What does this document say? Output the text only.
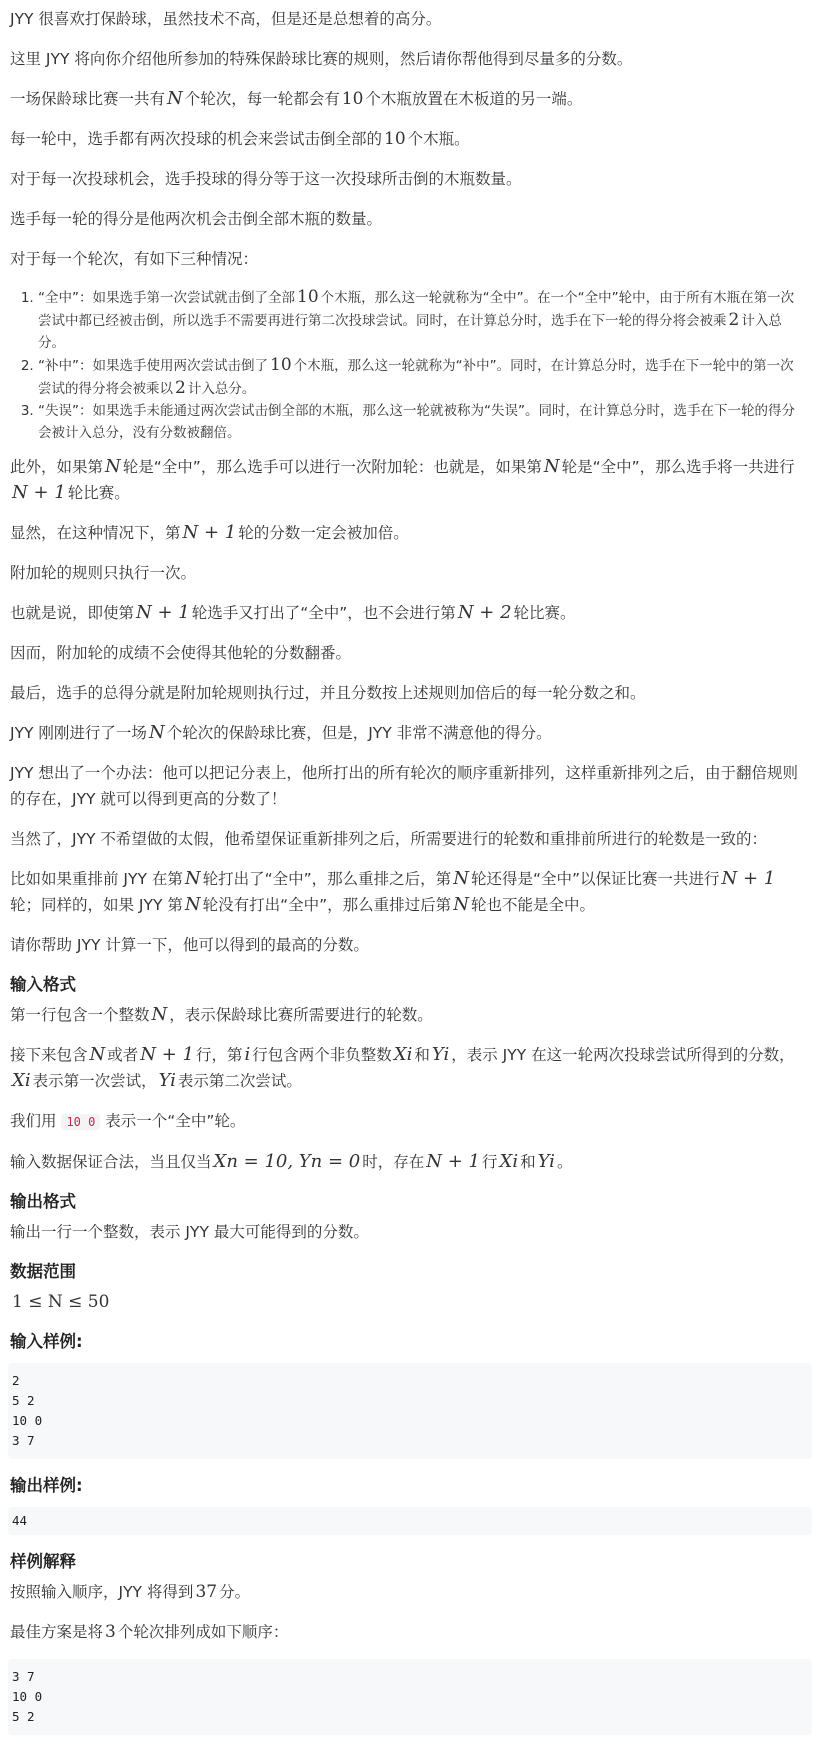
JYY 很喜欢打保龄球，虽然技术不高，但是还是总想着的高分。

这里 JYY 将向你介绍他所参加的特殊保龄球比赛的规则，然后请你帮他得到尽量多的分数。

一场保龄球比赛一共有 N 个轮次，每一轮都会有 10 个木瓶放置在木板道的另一端。

每一轮中，选手都有两次投球的机会来尝试击倒全部的 10 个木瓶。

对于每一次投球机会，选手投球的得分等于这一次投球所击倒的木瓶数量。

选手每一轮的得分是他两次机会击倒全部木瓶的数量。

对于每一个轮次，有如下三种情况：

1. “全中”：如果选手第一次尝试就击倒了全部 10 个木瓶，那么这一轮就称为“全中”。在一个“全中”轮中，由于所有木瓶在第一次尝试中都已经被击倒，所以选手不需要再进行第二次投球尝试。同时，在计算总分时，选手在下一轮的得分将会被乘 2 计入总分。
2. “补中”：如果选手使用两次尝试击倒了 10 个木瓶，那么这一轮就称为“补中”。同时，在计算总分时，选手在下一轮中的第一次尝试的得分将会被乘以 2 计入总分。
3. “失误”：如果选手未能通过两次尝试击倒全部的木瓶，那么这一轮就被称为“失误”。同时，在计算总分时，选手在下一轮的得分会被计入总分，没有分数被翻倍。

此外，如果第 N 轮是“全中”，那么选手可以进行一次附加轮：也就是，如果第 N 轮是“全中”，那么选手将一共进行N + 1 轮比赛。

显然，在这种情况下，第 N + 1 轮的分数一定会被加倍。

附加轮的规则只执行一次。

也就是说，即使第 N + 1 轮选手又打出了“全中”，也不会进行第 N + 2 轮比赛。

因而，附加轮的成绩不会使得其他轮的分数翻番。

最后，选手的总得分就是附加轮规则执行过，并且分数按上述规则加倍后的每一轮分数之和。

JYY 刚刚进行了一场 N 个轮次的保龄球比赛，但是，JYY 非常不满意他的得分。

JYY 想出了一个办法：他可以把记分表上，他所打出的所有轮次的顺序重新排列，这样重新排列之后，由于翻倍规则的存在，JYY 就可以得到更高的分数了！

当然了，JYY 不希望做的太假，他希望保证重新排列之后，所需要进行的轮数和重排前所进行的轮数是一致的：

比如如果重排前 JYY 在第 N 轮打出了“全中”，那么重排之后，第 N 轮还得是“全中”以保证比赛一共进行 N + 1轮；同样的，如果 JYY 第 N 轮没有打出“全中”，那么重排过后第 N 轮也不能是全中。

请你帮助 JYY 计算一下，他可以得到的最高的分数。

输入格式

第一行包含一个整数 N ，表示保龄球比赛所需要进行的轮数。

接下来包含 N 或者 N + 1 行，第 i 行包含两个非负整数 Xi 和 Yi ，表示 JYY 在这一轮两次投球尝试所得到的分数，Xi 表示第一次尝试， Yi 表示第二次尝试。

我们用 10 0 表示一个“全中”轮。

输入数据保证合法，当且仅当 Xn = 10, Yn = 0 时，存在 N + 1 行 Xi 和 Yi 。

输出格式

输出一行一个整数，表示 JYY 最大可能得到的分数。

数据范围

1 ≤ N ≤ 50

输入样例:
2
5 2
10 0
3 7
输出样例:
44
样例解释

按照输入顺序，JYY 将得到 37 分。

最佳方案是将 3 个轮次排列成如下顺序：

3 7
10 0
5 2
